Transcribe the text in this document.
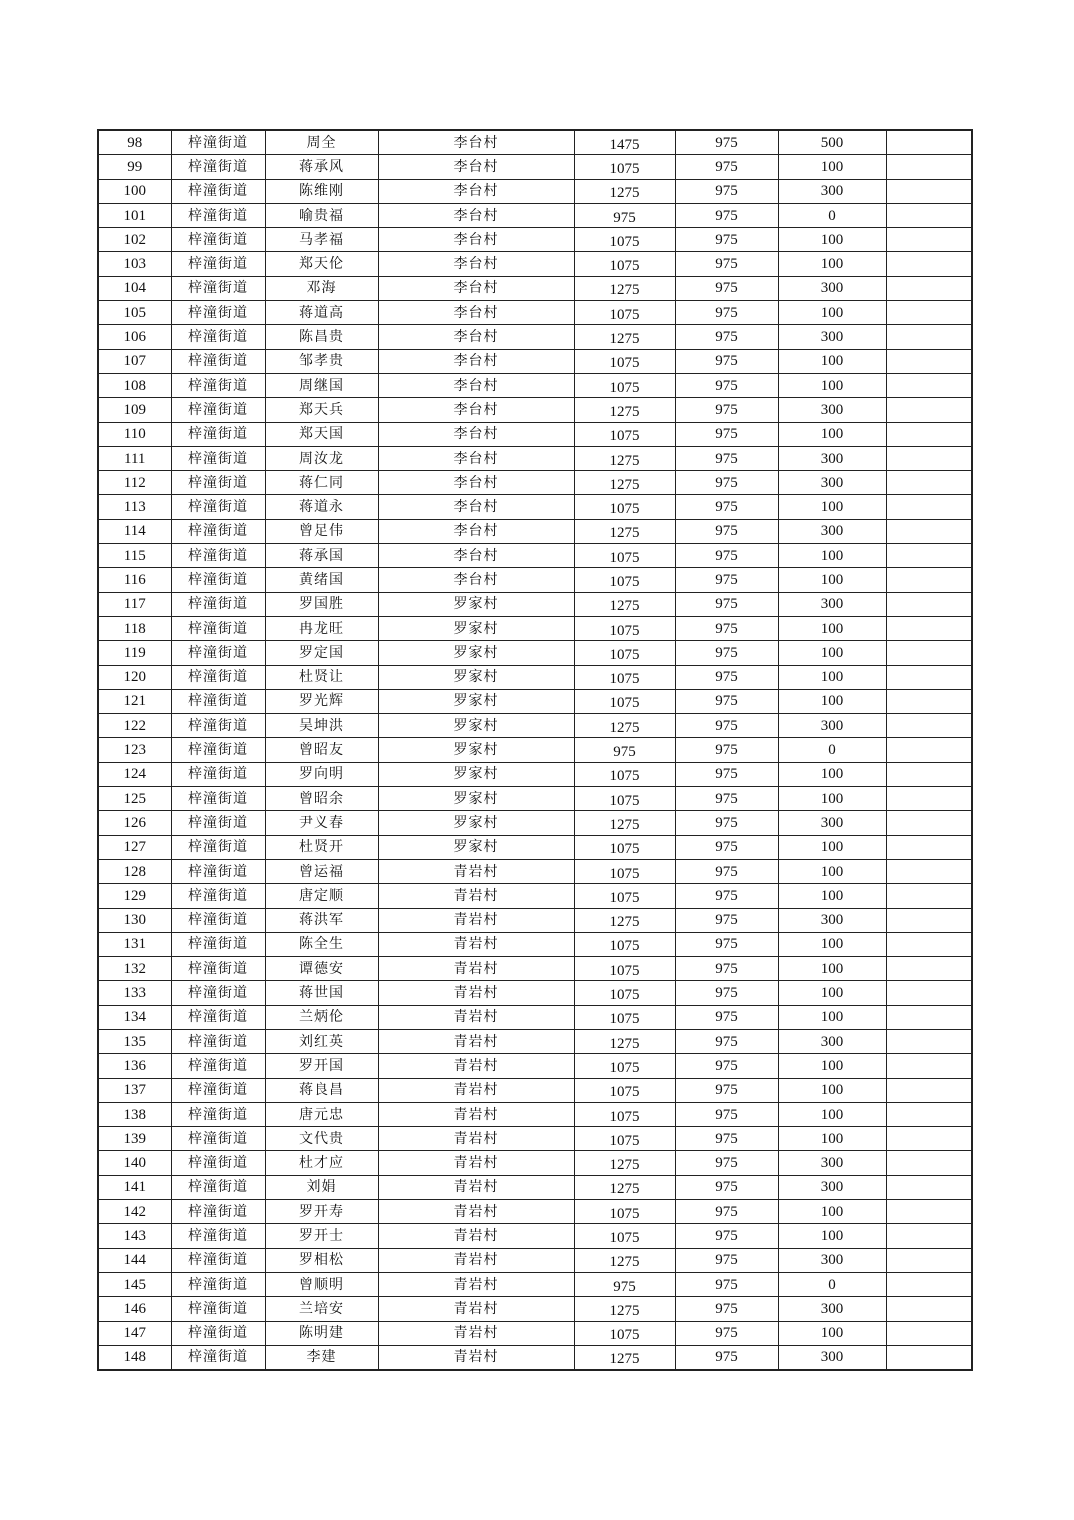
98	梓潼街道	周全	李台村	1475	975	500	
99	梓潼街道	蒋承风	李台村	1075	975	100	
100	梓潼街道	陈维刚	李台村	1275	975	300	
101	梓潼街道	喻贵福	李台村	975	975	0	
102	梓潼街道	马孝福	李台村	1075	975	100	
103	梓潼街道	郑天伦	李台村	1075	975	100	
104	梓潼街道	邓海	李台村	1275	975	300	
105	梓潼街道	蒋道高	李台村	1075	975	100	
106	梓潼街道	陈昌贵	李台村	1275	975	300	
107	梓潼街道	邹孝贵	李台村	1075	975	100	
108	梓潼街道	周继国	李台村	1075	975	100	
109	梓潼街道	郑天兵	李台村	1275	975	300	
110	梓潼街道	郑天国	李台村	1075	975	100	
111	梓潼街道	周汝龙	李台村	1275	975	300	
112	梓潼街道	蒋仁同	李台村	1275	975	300	
113	梓潼街道	蒋道永	李台村	1075	975	100	
114	梓潼街道	曾足伟	李台村	1275	975	300	
115	梓潼街道	蒋承国	李台村	1075	975	100	
116	梓潼街道	黄绪国	李台村	1075	975	100	
117	梓潼街道	罗国胜	罗家村	1275	975	300	
118	梓潼街道	冉龙旺	罗家村	1075	975	100	
119	梓潼街道	罗定国	罗家村	1075	975	100	
120	梓潼街道	杜贤让	罗家村	1075	975	100	
121	梓潼街道	罗光辉	罗家村	1075	975	100	
122	梓潼街道	吴坤洪	罗家村	1275	975	300	
123	梓潼街道	曾昭友	罗家村	975	975	0	
124	梓潼街道	罗向明	罗家村	1075	975	100	
125	梓潼街道	曾昭余	罗家村	1075	975	100	
126	梓潼街道	尹义春	罗家村	1275	975	300	
127	梓潼街道	杜贤开	罗家村	1075	975	100	
128	梓潼街道	曾运福	青岩村	1075	975	100	
129	梓潼街道	唐定顺	青岩村	1075	975	100	
130	梓潼街道	蒋洪军	青岩村	1275	975	300	
131	梓潼街道	陈全生	青岩村	1075	975	100	
132	梓潼街道	谭德安	青岩村	1075	975	100	
133	梓潼街道	蒋世国	青岩村	1075	975	100	
134	梓潼街道	兰炳伦	青岩村	1075	975	100	
135	梓潼街道	刘红英	青岩村	1275	975	300	
136	梓潼街道	罗开国	青岩村	1075	975	100	
137	梓潼街道	蒋良昌	青岩村	1075	975	100	
138	梓潼街道	唐元忠	青岩村	1075	975	100	
139	梓潼街道	文代贵	青岩村	1075	975	100	
140	梓潼街道	杜才应	青岩村	1275	975	300	
141	梓潼街道	刘娟	青岩村	1275	975	300	
142	梓潼街道	罗开寿	青岩村	1075	975	100	
143	梓潼街道	罗开士	青岩村	1075	975	100	
144	梓潼街道	罗相松	青岩村	1275	975	300	
145	梓潼街道	曾顺明	青岩村	975	975	0	
146	梓潼街道	兰培安	青岩村	1275	975	300	
147	梓潼街道	陈明建	青岩村	1075	975	100	
148	梓潼街道	李建	青岩村	1275	975	300	
